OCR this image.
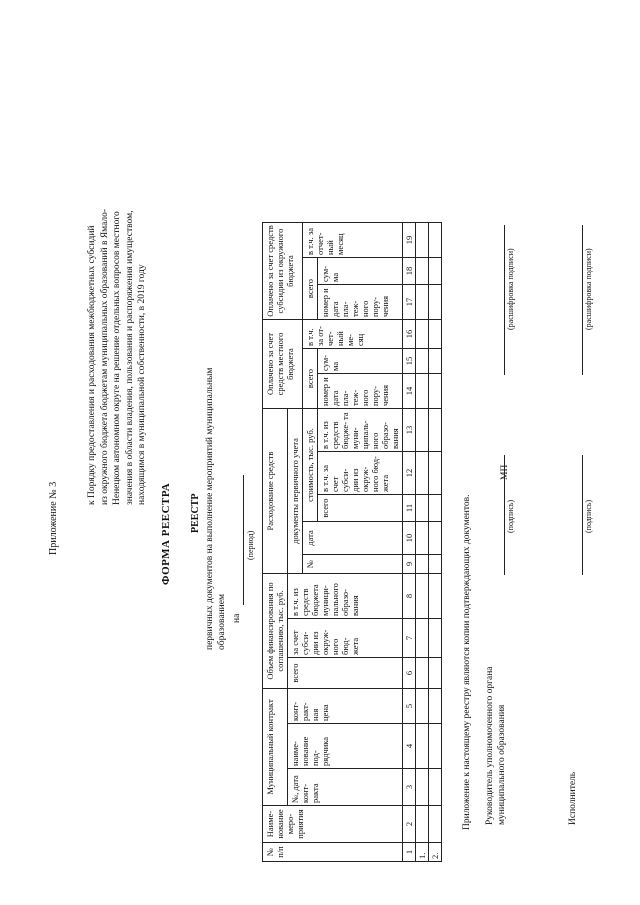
Приложение № 3
к Порядку предоставления и расходования межбюджетных субсидий из окружного бюджета бюджетам муниципальных образований в Ямало- Ненецком автономном округе на решение отдельных вопросов местного значения в области владения, пользования и распоряжения имуществом, находящимся в муниципальной собственности, в 2019 году
ФОРМА РЕЕСТРА РЕЕСТР первичных документов на выполнение мероприятий муниципальным образованием на
(период)
№ п/п	Наиме- нование меро- приятия	Муниципальный контракт			Объем финансирования по соглашению, тыс. руб.			Расходование средств					Оплачено за счет средств местного бюджета			Оплачено за счет средств субсидии из окружного бюджета		
		№, дата конт- ракта	наиме- нование под- рядчика	конт- ракт- ная цена	всего	за счет субси- дии из окруж- ного бюд- жета	в т.ч. из средств бюджета муници- пального образо- вания	документы первичного учета										
								№	дата	стоимость, тыс. руб.			всего		в т.ч. за от- чет- ный ме- сяц	всего		в т.ч. за отчет- ный месяц
										всего	в т.ч. за счет субси- дии из окруж- ного бюд- жета	в т.ч. из средств бюдже- та муни- ципаль- ного образо- вания	номер и дата пла- теж- ного пору- чения	сум- ма		номер и дата пла- теж- ного пору- чения	сум- ма	
1	2	3	4	5	6	7	8	9	10	11	12	13	14	15	16	17	18	19
1.																		
2.																		
Приложение к настоящему реестру являются копии подтверждающих документов. Руководитель уполномоченного органа муниципального образования
МП
(подпись)
(расшифровка подписи)
Исполнитель
(подпись)
(расшифровка подписи)
